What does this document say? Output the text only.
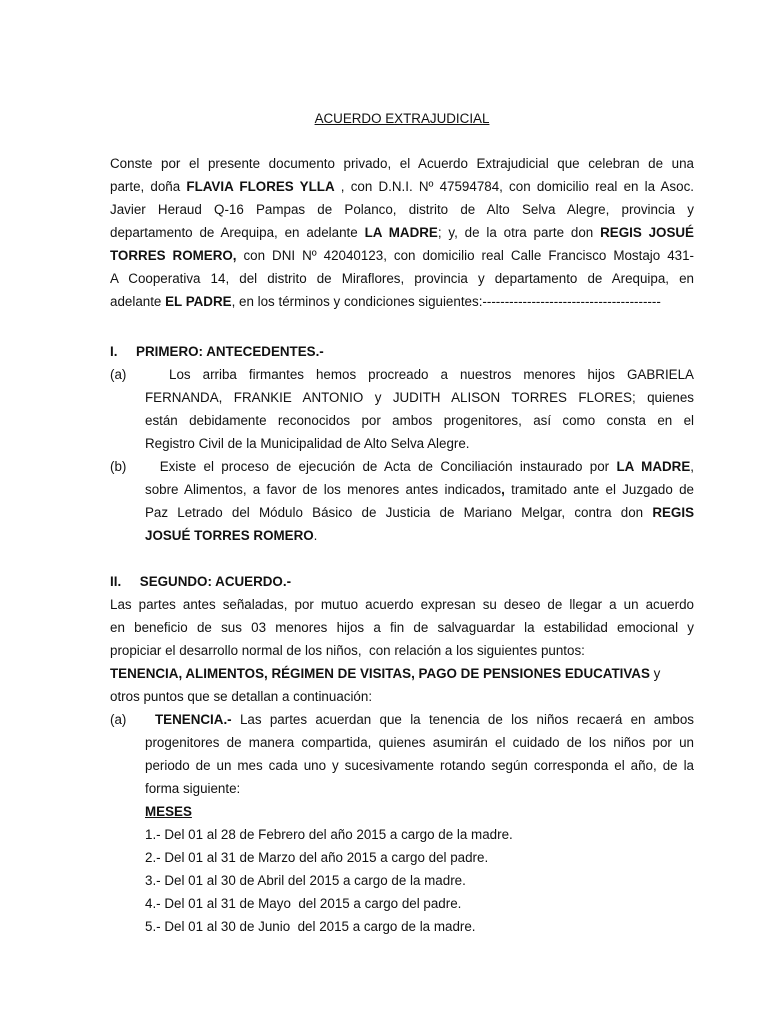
ACUERDO EXTRAJUDICIAL
Conste por el presente documento privado, el Acuerdo Extrajudicial que celebran de una
parte, doña FLAVIA FLORES YLLA , con D.N.I. Nº 47594784, con domicilio real en la Asoc.
Javier Heraud Q-16 Pampas de Polanco, distrito de Alto Selva Alegre, provincia y
departamento de Arequipa, en adelante LA MADRE; y, de la otra parte don REGIS JOSUÉ
TORRES ROMERO, con DNI Nº 42040123, con domicilio real Calle Francisco Mostajo 431-
A Cooperativa 14, del distrito de Miraflores, provincia y departamento de Arequipa, en
adelante EL PADRE, en los términos y condiciones siguientes:----------------------------------------
I.     PRIMERO: ANTECEDENTES.-
(a) Los arriba firmantes hemos procreado a nuestros menores hijos GABRIELA
FERNANDA, FRANKIE ANTONIO y JUDITH ALISON TORRES FLORES; quienes
están debidamente reconocidos por ambos progenitores, así como consta en el
Registro Civil de la Municipalidad de Alto Selva Alegre.
(b) Existe el proceso de ejecución de Acta de Conciliación instaurado por LA MADRE,
sobre Alimentos, a favor de los menores antes indicados, tramitado ante el Juzgado de
Paz Letrado del Módulo Básico de Justicia de Mariano Melgar, contra don REGIS
JOSUÉ TORRES ROMERO.
II.     SEGUNDO: ACUERDO.-
Las partes antes señaladas, por mutuo acuerdo expresan su deseo de llegar a un acuerdo
en beneficio de sus 03 menores hijos a fin de salvaguardar la estabilidad emocional y
propiciar el desarrollo normal de los niños,  con relación a los siguientes puntos:
TENENCIA, ALIMENTOS, RÉGIMEN DE VISITAS, PAGO DE PENSIONES EDUCATIVAS y
otros puntos que se detallan a continuación:
(a)	TENENCIA.- Las partes acuerdan que la tenencia de los niños recaerá en ambos
progenitores de manera compartida, quienes asumirán el cuidado de los niños por un
periodo de un mes cada uno y sucesivamente rotando según corresponda el año, de la
forma siguiente:
MESES
1.- Del 01 al 28 de Febrero del año 2015 a cargo de la madre.
2.- Del 01 al 31 de Marzo del año 2015 a cargo del padre.
3.- Del 01 al 30 de Abril del 2015 a cargo de la madre.
4.- Del 01 al 31 de Mayo  del 2015 a cargo del padre.
5.- Del 01 al 30 de Junio  del 2015 a cargo de la madre.
